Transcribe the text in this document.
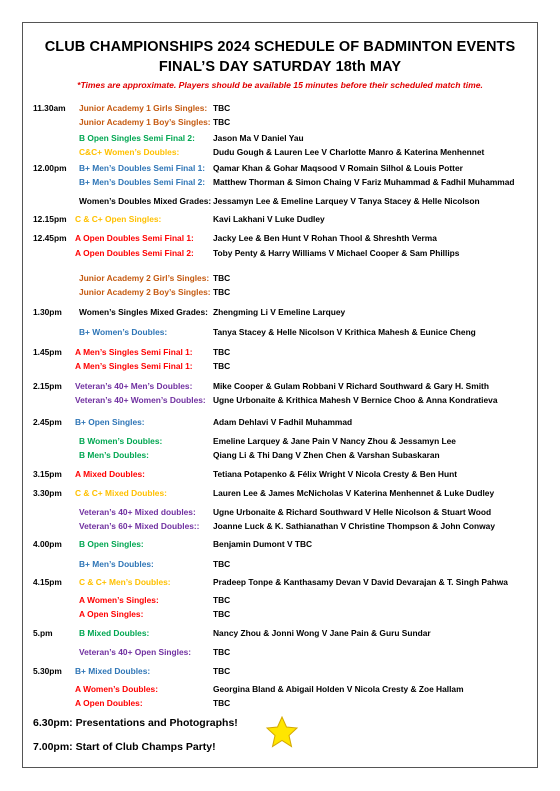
CLUB CHAMPIONSHIPS 2024 SCHEDULE OF BADMINTON EVENTS
FINAL’S DAY SATURDAY 18th MAY
*Times are approximate. Players should be available 15 minutes before their scheduled match time.
11.30am Junior Academy 1 Girls Singles: TBC
Junior Academy 1 Boy’s Singles: TBC
B Open Singles Semi Final 2: Jason Ma V Daniel Yau
C&C+ Women’s Doubles:	Dudu Gough & Lauren Lee V Charlotte Manro & Katerina Menhennet
12.00pm B+ Men’s Doubles Semi Final 1: Qamar Khan & Gohar Maqsood V Romain Silhol & Louis Potter
B+ Men’s Doubles Semi Final 2: Matthew Thorman & Simon Chaing V Fariz Muhammad & Fadhil Muhammad
Women’s Doubles Mixed Grades: Jessamyn Lee & Emeline Larquey V Tanya Stacey & Helle Nicolson
12.15pm C & C+ Open Singles:	Kavi Lakhani V Luke Dudley
12.45pm A Open Doubles Semi Final 1: Jacky Lee & Ben Hunt V Rohan Thool & Shreshth Verma
A Open Doubles Semi Final 2: Toby Penty & Harry Williams V Michael Cooper & Sam Phillips
Junior Academy 2 Girl’s Singles: TBC
Junior Academy 2 Boy’s Singles: TBC
1.30pm Women’s Singles Mixed Grades: Zhengming Li V Emeline Larquey
B+ Women’s Doubles:	Tanya Stacey & Helle Nicolson V Krithica Mahesh & Eunice Cheng
1.45pm A Men’s Singles Semi Final 1: TBC
A Men’s Singles Semi Final 1: TBC
2.15pm Veteran’s 40+ Men’s Doubles: Mike Cooper & Gulam Robbani V Richard Southward & Gary H. Smith
Veteran’s 40+ Women’s Doubles: Ugne Urbonaite & Krithica Mahesh V Bernice Choo & Anna Kondratieva
2.45pm B+ Open Singles:	Adam Dehlavi V Fadhil Muhammad
B Women’s Doubles:	Emeline Larquey & Jane Pain V Nancy Zhou & Jessamyn Lee
B Men’s Doubles:	Qiang Li & Thi Dang V Zhen Chen & Varshan Subaskaran
3.15pm A Mixed Doubles:	Tetiana Potapenko & Félix Wright V Nicola Cresty & Ben Hunt
3.30pm C & C+ Mixed Doubles:	Lauren Lee & James McNicholas V Katerina Menhennet & Luke Dudley
Veteran’s 40+ Mixed doubles: Ugne Urbonaite & Richard Southward V Helle Nicolson & Stuart Wood
Veteran’s 60+ Mixed Doubles:: Joanne Luck & K. Sathianathan V Christine Thompson & John Conway
4.00pm B Open Singles:	Benjamin Dumont V TBC
B+ Men’s Doubles:	TBC
4.15pm C & C+ Men’s Doubles:	Pradeep Tonpe & Kanthasamy Devan V David Devarajan & T. Singh Pahwa
A Women’s Singles:	TBC
A Open Singles:	TBC
5.pm	B Mixed Doubles:	Nancy Zhou & Jonni Wong V Jane Pain & Guru Sundar
Veteran’s 40+ Open Singles:	TBC
5.30pm B+ Mixed Doubles:	TBC
A Women’s Doubles:	Georgina Bland & Abigail Holden V Nicola Cresty & Zoe Hallam
A Open Doubles:	TBC
6.30pm: Presentations and Photographs!
7.00pm: Start of Club Champs Party!
